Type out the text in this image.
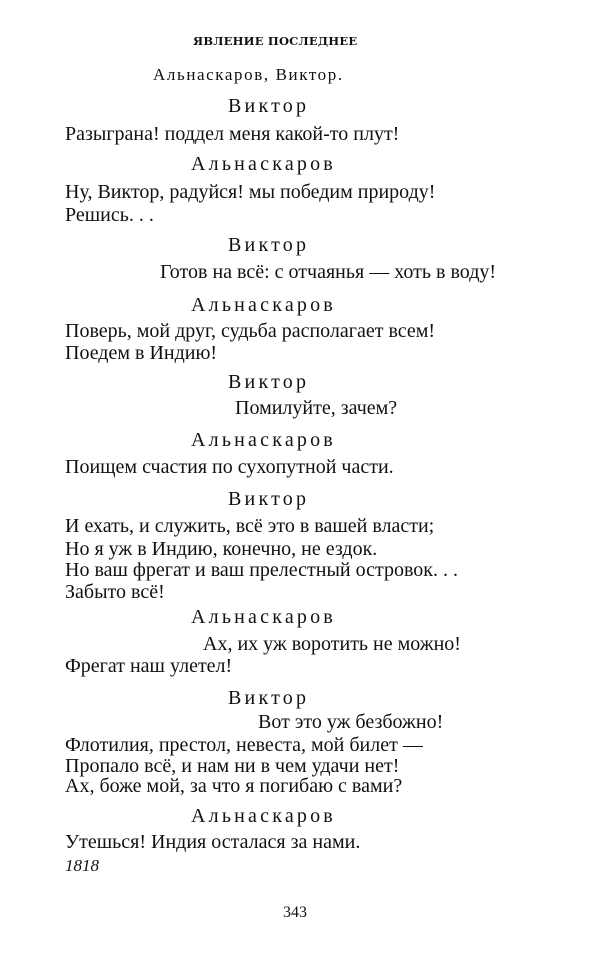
ЯВЛЕНИЕ ПОСЛЕДНЕЕ
Альнаскаров, Виктор.
Виктор
Разыграна! поддел меня какой-то плут!
Альнаскаров
Ну, Виктор, радуйся! мы победим природу!
Решись. . .
Виктор
Готов на всё: с отчаянья — хоть в воду!
Альнаскаров
Поверь, мой друг, судьба располагает всем!
Поедем в Индию!
Виктор
Помилуйте, зачем?
Альнаскаров
Поищем счастия по сухопутной части.
Виктор
И ехать, и служить, всё это в вашей власти;
Но я уж в Индию, конечно, не ездок.
Но ваш фрегат и ваш прелестный островок. . .
Забыто всё!
Альнаскаров
Ах, их уж воротить не можно!
Фрегат наш улетел!
Виктор
Вот это уж безбожно!
Флотилия, престол, невеста, мой билет —
Пропало всё, и нам ни в чем удачи нет!
Ах, боже мой, за что я погибаю с вами?
Альнаскаров
Утешься! Индия осталася за нами.
1818
343
